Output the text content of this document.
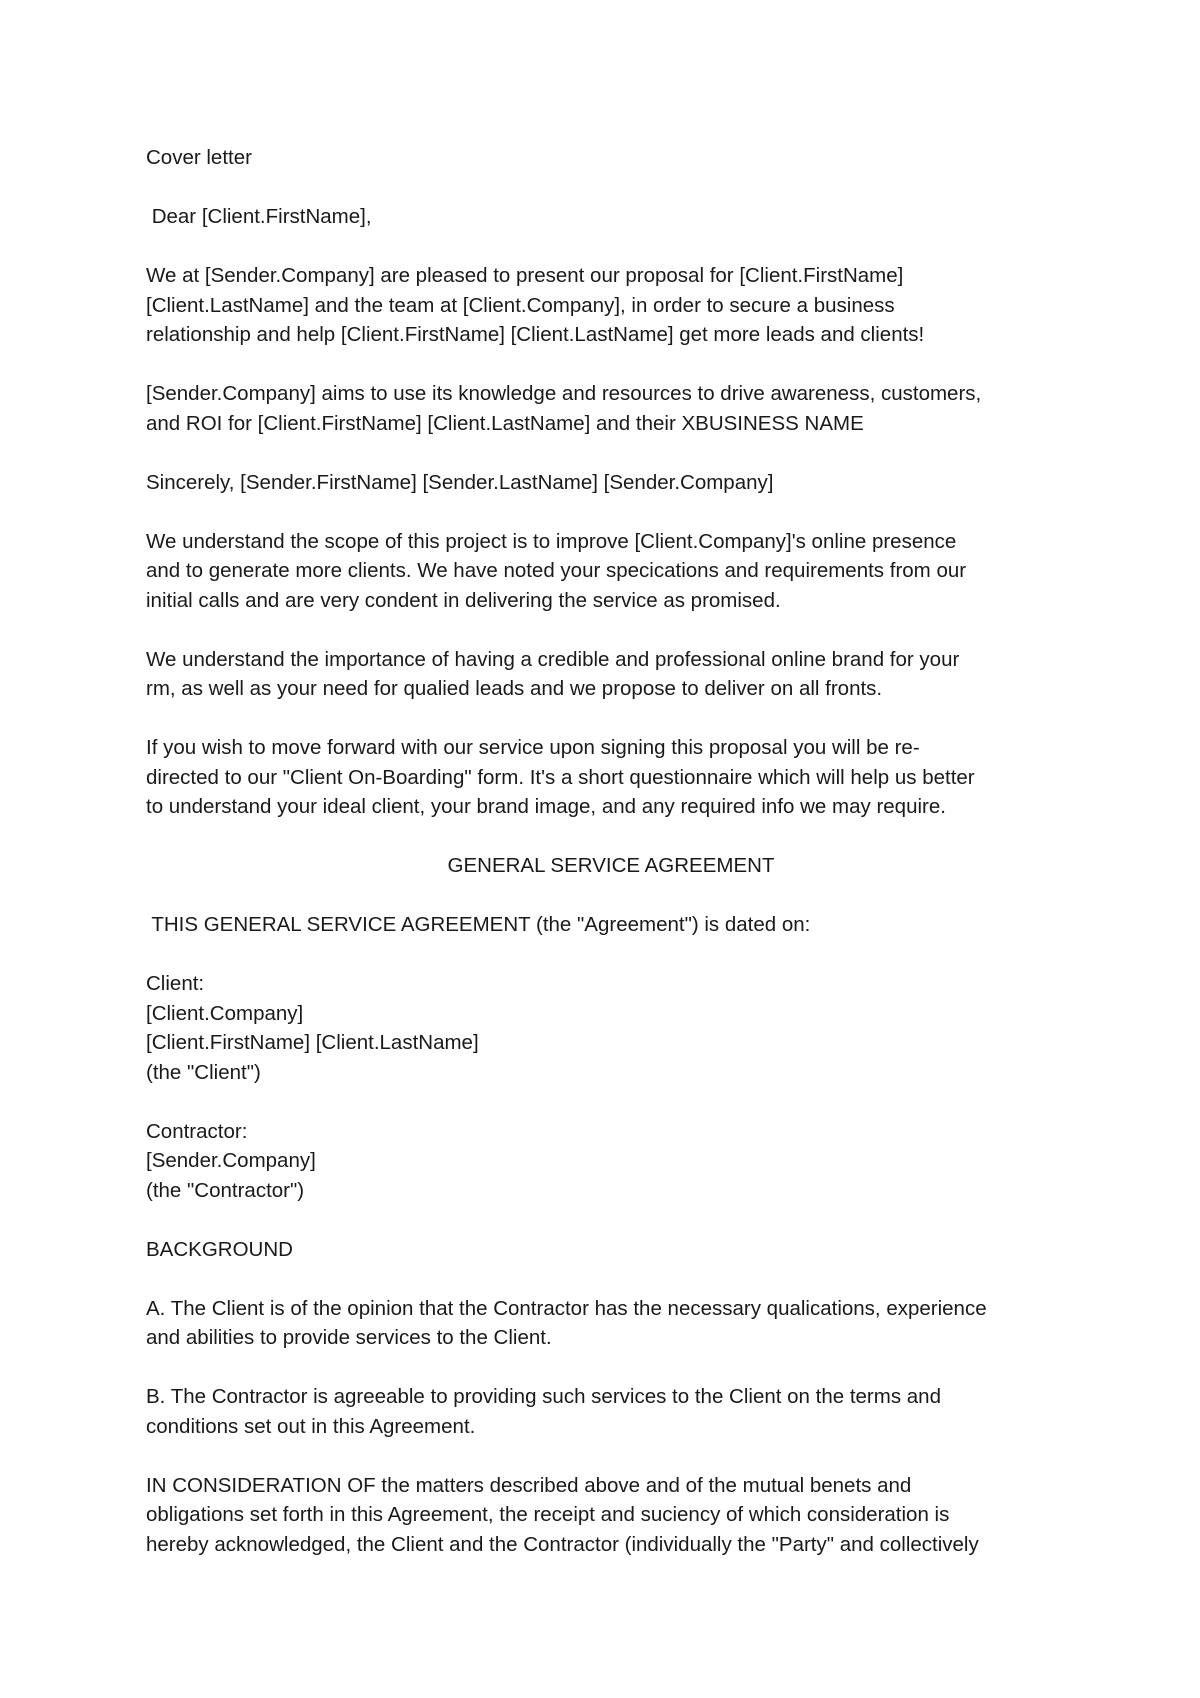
Cover letter
Dear [Client.FirstName],
We at [Sender.Company] are pleased to present our proposal for [Client.FirstName]
[Client.LastName] and the team at [Client.Company], in order to secure a business
relationship and help [Client.FirstName] [Client.LastName] get more leads and clients!
[Sender.Company] aims to use its knowledge and resources to drive awareness, customers,
and ROI for [Client.FirstName] [Client.LastName] and their XBUSINESS NAME
Sincerely, [Sender.FirstName] [Sender.LastName] [Sender.Company]
We understand the scope of this project is to improve [Client.Company]'s online presence
and to generate more clients. We have noted your specications and requirements from our
initial calls and are very condent in delivering the service as promised.
We understand the importance of having a credible and professional online brand for your
rm, as well as your need for qualied leads and we propose to deliver on all fronts.
If you wish to move forward with our service upon signing this proposal you will be re-
directed to our "Client On-Boarding" form. It's a short questionnaire which will help us better
to understand your ideal client, your brand image, and any required info we may require.
GENERAL SERVICE AGREEMENT
THIS GENERAL SERVICE AGREEMENT (the "Agreement") is dated on:
Client:
[Client.Company]
[Client.FirstName] [Client.LastName]
(the "Client")
Contractor:
[Sender.Company]
(the "Contractor")
BACKGROUND
A. The Client is of the opinion that the Contractor has the necessary qualications, experience
and abilities to provide services to the Client.
B. The Contractor is agreeable to providing such services to the Client on the terms and
conditions set out in this Agreement.
IN CONSIDERATION OF the matters described above and of the mutual benets and
obligations set forth in this Agreement, the receipt and suciency of which consideration is
hereby acknowledged, the Client and the Contractor (individually the "Party" and collectively
